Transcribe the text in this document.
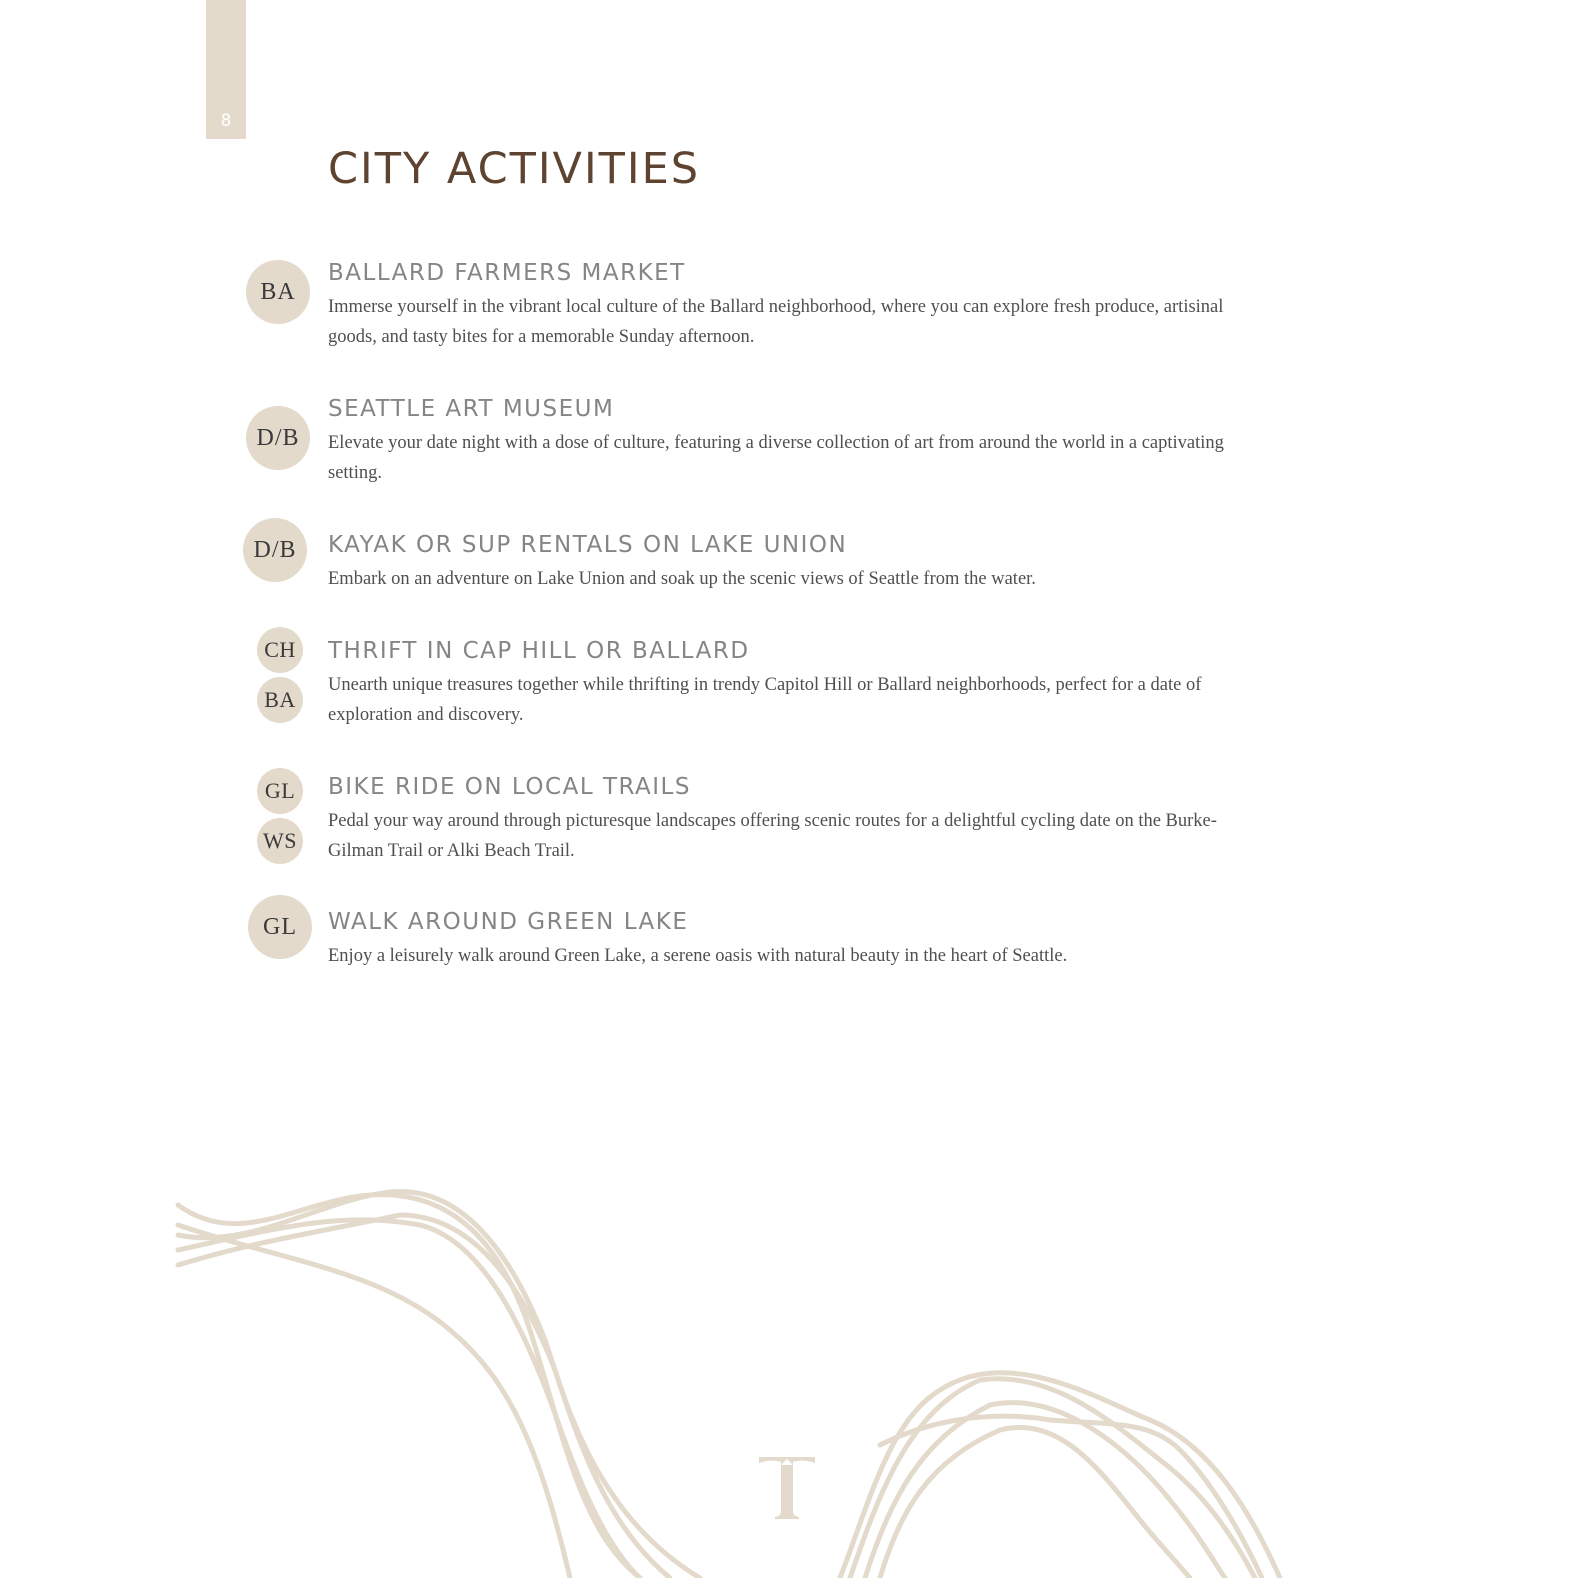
8
CITY ACTIVITIES
BA
BALLARD FARMERS MARKET

Immerse yourself in the vibrant local culture of the Ballard neighborhood, where you can explore fresh produce, artisinal goods, and tasty bites for a memorable Sunday afternoon.

D/B
SEATTLE ART MUSEUM

Elevate your date night with a dose of culture, featuring a diverse collection of art from around the world in a captivating setting.

D/B	KAYAK OR SUP RENTALS ON LAKE UNION

Embark on an adventure on Lake Union and soak up the scenic views of Seattle from the water.

CH
BA
THRIFT IN CAP HILL OR BALLARD

Unearth unique treasures together while thrifting in trendy Capitol Hill or Ballard neighborhoods, perfect for a date of exploration and discovery.

GL
WS
BIKE RIDE ON LOCAL TRAILS

Pedal your way around through picturesque landscapes offering scenic routes for a delightful cycling date on the Burke-Gilman Trail or Alki Beach Trail.

GL	WALK AROUND GREEN LAKE

Enjoy a leisurely walk around Green Lake, a serene oasis with natural beauty in the heart of Seattle.
